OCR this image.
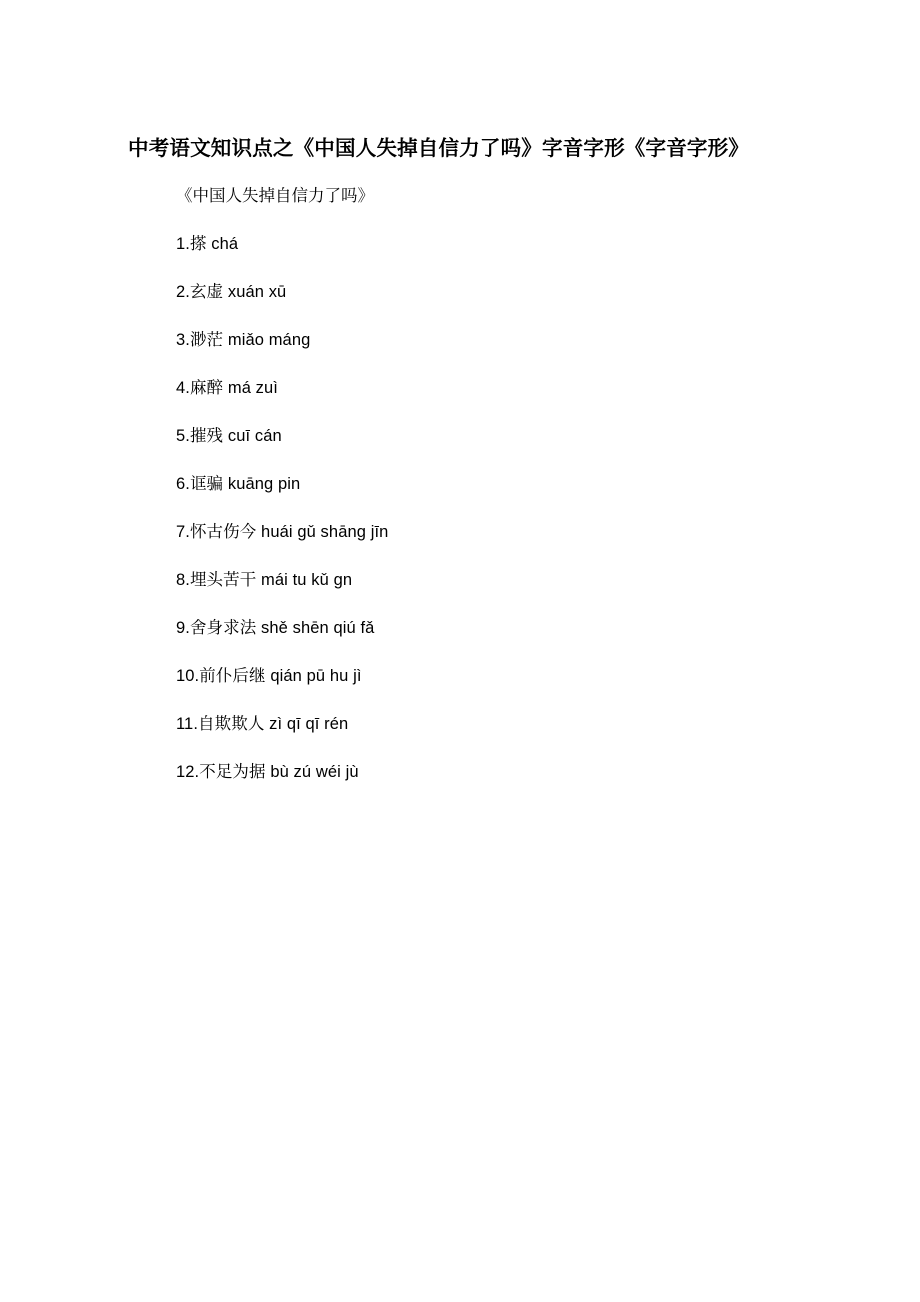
中考语文知识点之《中国人失掉自信力了吗》字音字形《字音字形》
《中国人失掉自信力了吗》
1.搽 chá
2.玄虚 xuán xū
3.渺茫 miǎo máng
4.麻醉 má zuì
5.摧残 cuī cán
6.诓骗 kuāng pin
7.怀古伤今 huái gǔ shāng jīn
8.埋头苦干 mái tu kǔ gn
9.舍身求法 shě shēn qiú fǎ
10.前仆后继 qián pū hu jì
11.自欺欺人 zì qī qī rén
12.不足为据 bù zú wéi jù
